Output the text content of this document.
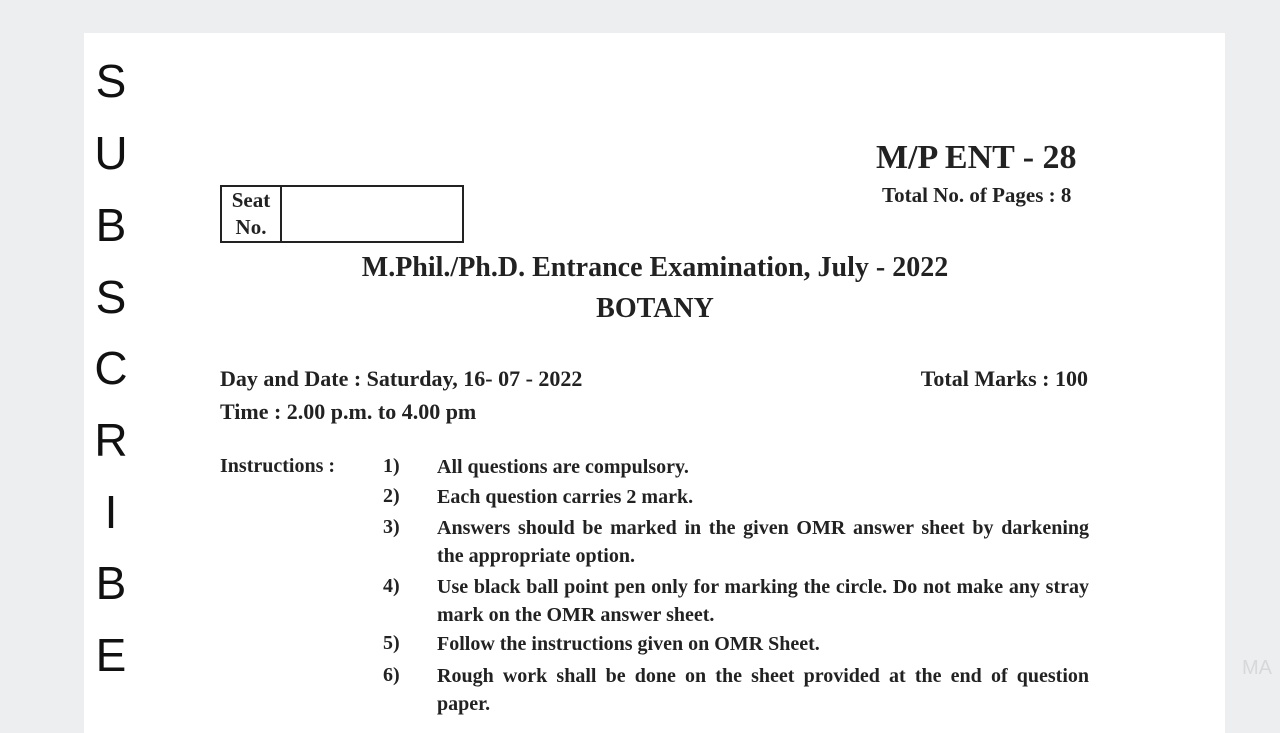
S
U
B
S
C
R
I
B
E
M/P ENT - 28
Total No. of Pages : 8
Seat
No.
M.Phil./Ph.D. Entrance Examination, July - 2022
BOTANY
Day and Date : Saturday, 16- 07 - 2022	Total Marks : 100
Time : 2.00 p.m. to 4.00 pm
Instructions : 1) All questions are compulsory.
2) Each question carries 2 mark.
3) Answers should be marked in the given OMR answer sheet by darkening the appropriate option.
4) Use black ball point pen only for marking the circle. Do not make any stray mark on the OMR answer sheet.
5) Follow the instructions given on OMR Sheet.
6) Rough work shall be done on the sheet provided at the end of question paper.
MA
